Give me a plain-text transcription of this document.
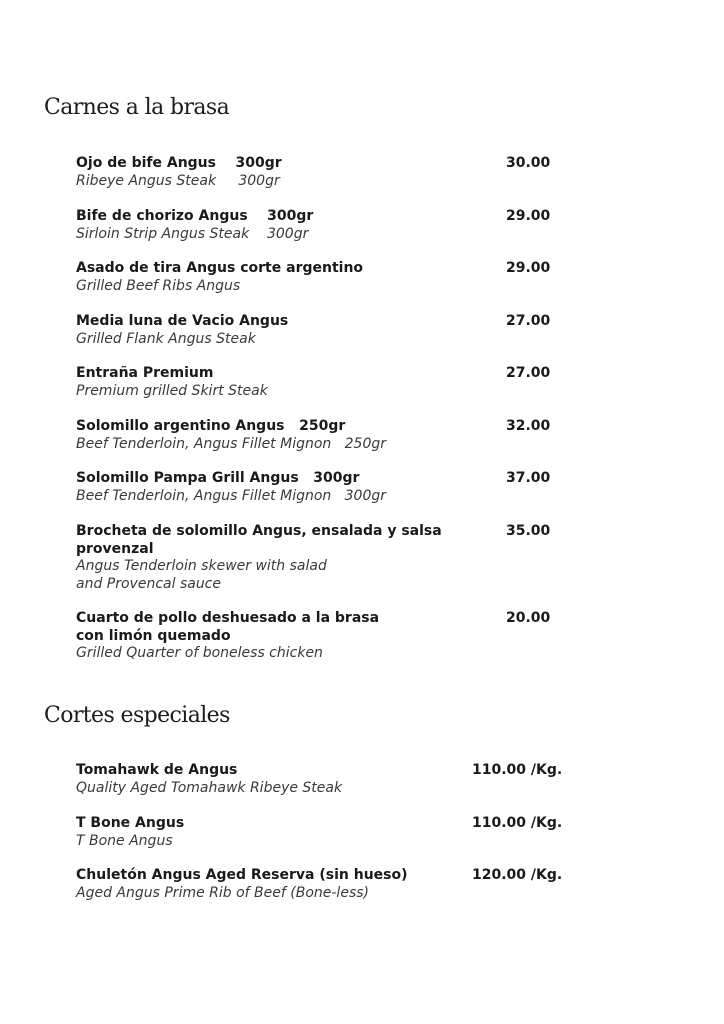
Carnes a la brasa
Ojo de bife Angus    300gr
Ribeye Angus Steak     300gr
30.00
Bife de chorizo Angus    300gr
Sirloin Strip Angus Steak    300gr
29.00
Asado de tira Angus corte argentino
Grilled Beef Ribs Angus
29.00
Media luna de Vacio Angus
Grilled Flank Angus Steak
27.00
Entraña Premium
Premium grilled Skirt Steak
27.00
Solomillo argentino Angus   250gr
Beef Tenderloin, Angus Fillet Mignon   250gr
32.00
Solomillo Pampa Grill Angus   300gr
Beef Tenderloin, Angus Fillet Mignon   300gr
37.00
Brocheta de solomillo Angus, ensalada y salsa
provenzal
Angus Tenderloin skewer with salad
and Provencal sauce
35.00
Cuarto de pollo deshuesado a la brasa
con limón quemado
Grilled Quarter of boneless chicken
20.00
Cortes especiales
Tomahawk de Angus
Quality Aged Tomahawk Ribeye Steak
110.00 /Kg.
T Bone Angus
T Bone Angus
110.00 /Kg.
Chuletón Angus Aged Reserva (sin hueso)
Aged Angus Prime Rib of Beef (Bone-less)
120.00 /Kg.
